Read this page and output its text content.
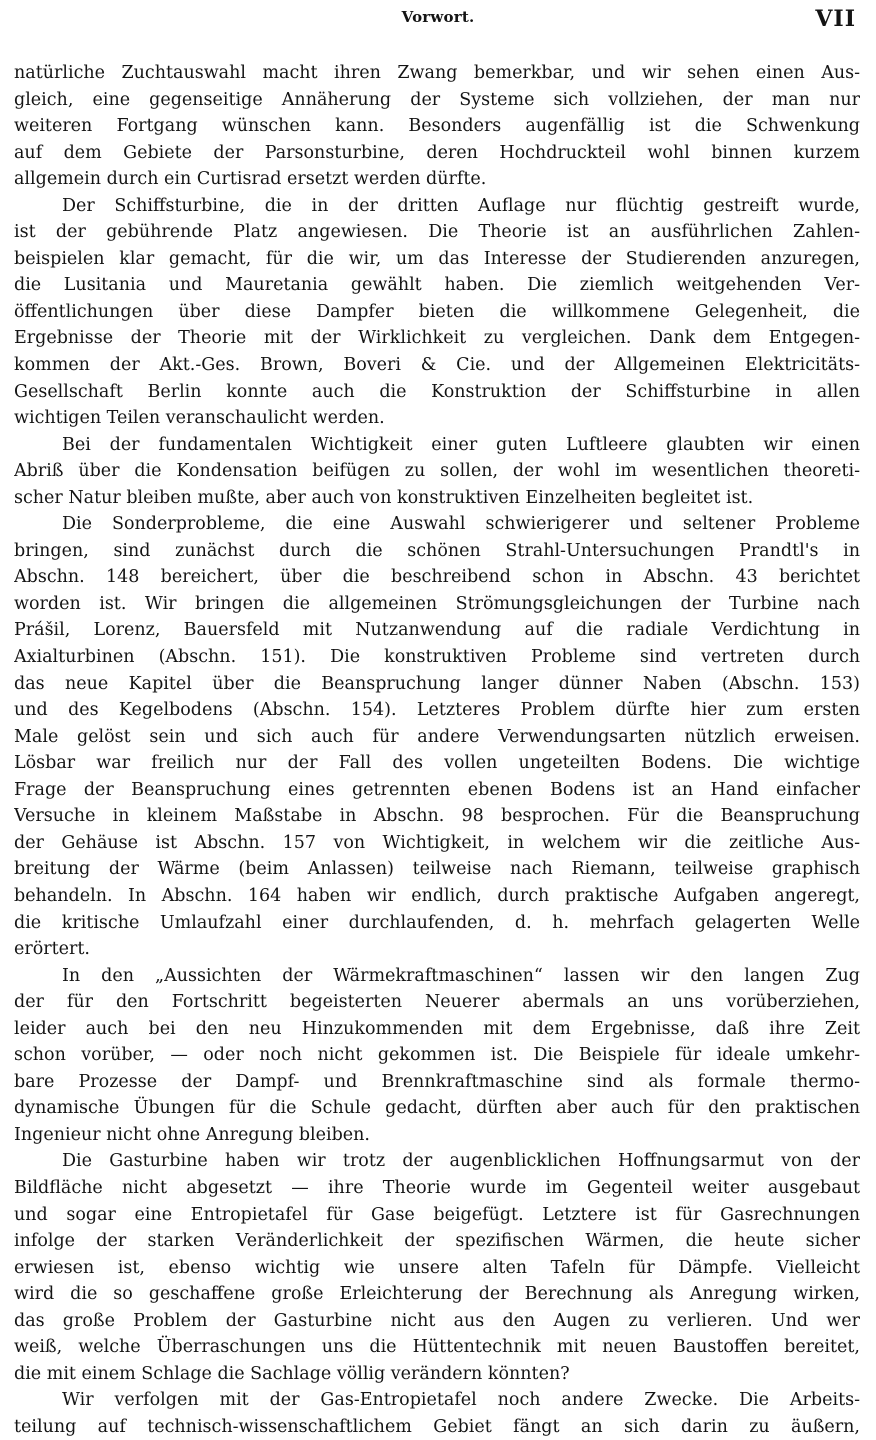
Vorwort.	VII
natürliche Zuchtauswahl macht ihren Zwang bemerkbar, und wir sehen einen Aus-
gleich, eine gegenseitige Annäherung der Systeme sich vollziehen, der man nur
weiteren Fortgang wünschen kann. Besonders augenfällig ist die Schwenkung
auf dem Gebiete der Parsonsturbine, deren Hochdruckteil wohl binnen kurzem
allgemein durch ein Curtisrad ersetzt werden dürfte.
Der Schiffsturbine, die in der dritten Auflage nur flüchtig gestreift wurde,
ist der gebührende Platz angewiesen. Die Theorie ist an ausführlichen Zahlen-
beispielen klar gemacht, für die wir, um das Interesse der Studierenden anzuregen,
die Lusitania und Mauretania gewählt haben. Die ziemlich weitgehenden Ver-
öffentlichungen über diese Dampfer bieten die willkommene Gelegenheit, die
Ergebnisse der Theorie mit der Wirklichkeit zu vergleichen. Dank dem Entgegen-
kommen der Akt.-Ges. Brown, Boveri & Cie. und der Allgemeinen Elektricitäts-
Gesellschaft Berlin konnte auch die Konstruktion der Schiffsturbine in allen
wichtigen Teilen veranschaulicht werden.
Bei der fundamentalen Wichtigkeit einer guten Luftleere glaubten wir einen
Abriß über die Kondensation beifügen zu sollen, der wohl im wesentlichen theoreti-
scher Natur bleiben mußte, aber auch von konstruktiven Einzelheiten begleitet ist.
Die Sonderprobleme, die eine Auswahl schwierigerer und seltener Probleme
bringen, sind zunächst durch die schönen Strahl-Untersuchungen Prandtl's in
Abschn. 148 bereichert, über die beschreibend schon in Abschn. 43 berichtet
worden ist. Wir bringen die allgemeinen Strömungsgleichungen der Turbine nach
Prášil, Lorenz, Bauersfeld mit Nutzanwendung auf die radiale Verdichtung in
Axialturbinen (Abschn. 151). Die konstruktiven Probleme sind vertreten durch
das neue Kapitel über die Beanspruchung langer dünner Naben (Abschn. 153)
und des Kegelbodens (Abschn. 154). Letzteres Problem dürfte hier zum ersten
Male gelöst sein und sich auch für andere Verwendungsarten nützlich erweisen.
Lösbar war freilich nur der Fall des vollen ungeteilten Bodens. Die wichtige
Frage der Beanspruchung eines getrennten ebenen Bodens ist an Hand einfacher
Versuche in kleinem Maßstabe in Abschn. 98 besprochen. Für die Beanspruchung
der Gehäuse ist Abschn. 157 von Wichtigkeit, in welchem wir die zeitliche Aus-
breitung der Wärme (beim Anlassen) teilweise nach Riemann, teilweise graphisch
behandeln. In Abschn. 164 haben wir endlich, durch praktische Aufgaben angeregt,
die kritische Umlaufzahl einer durchlaufenden, d. h. mehrfach gelagerten Welle
erörtert.
In den „Aussichten der Wärmekraftmaschinen“ lassen wir den langen Zug
der für den Fortschritt begeisterten Neuerer abermals an uns vorüberziehen,
leider auch bei den neu Hinzukommenden mit dem Ergebnisse, daß ihre Zeit
schon vorüber, — oder noch nicht gekommen ist. Die Beispiele für ideale umkehr-
bare Prozesse der Dampf- und Brennkraftmaschine sind als formale thermo-
dynamische Übungen für die Schule gedacht, dürften aber auch für den praktischen
Ingenieur nicht ohne Anregung bleiben.
Die Gasturbine haben wir trotz der augenblicklichen Hoffnungsarmut von der
Bildfläche nicht abgesetzt — ihre Theorie wurde im Gegenteil weiter ausgebaut
und sogar eine Entropietafel für Gase beigefügt. Letztere ist für Gasrechnungen
infolge der starken Veränderlichkeit der spezifischen Wärmen, die heute sicher
erwiesen ist, ebenso wichtig wie unsere alten Tafeln für Dämpfe. Vielleicht
wird die so geschaffene große Erleichterung der Berechnung als Anregung wirken,
das große Problem der Gasturbine nicht aus den Augen zu verlieren. Und wer
weiß, welche Überraschungen uns die Hüttentechnik mit neuen Baustoffen bereitet,
die mit einem Schlage die Sachlage völlig verändern könnten?
Wir verfolgen mit der Gas-Entropietafel noch andere Zwecke. Die Arbeits-
teilung auf technisch-wissenschaftlichem Gebiet fängt an sich darin zu äußern,
